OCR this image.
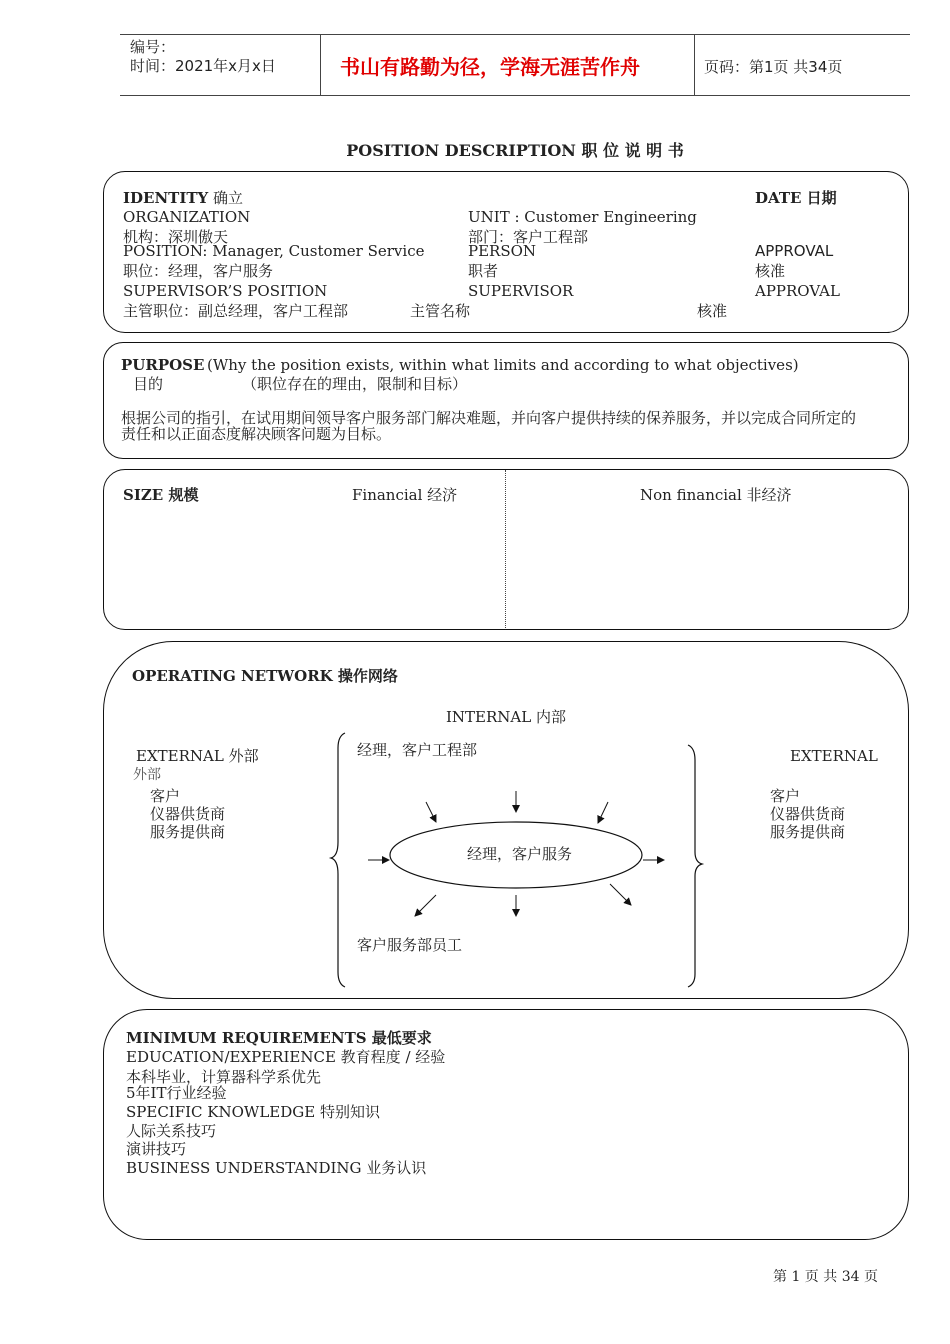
编号：
时间：2021年x月x日	书山有路勤为径，学海无涯苦作舟	页码：第1页 共34页
POSITION DESCRIPTION 职 位 说 明 书
IDENTITY 确立	DATE 日期
ORGANIZATION	UNIT : Customer Engineering
机构：深圳傲天	部门：客户工程部
POSITION: Manager, Customer Service	PERSON	APPROVAL
职位：经理，客户服务	职者	核准
SUPERVISOR’S POSITION	SUPERVISOR	APPROVAL
主管职位：副总经理，客户工程部	主管名称	核准
PURPOSE (Why the position exists, within what limits and according to what objectives)
目的	（职位存在的理由，限制和目标）
根据公司的指引，在试用期间领导客户服务部门解决难题，并向客户提供持续的保养服务，并以完成合同所定的
责任和以正面态度解决顾客问题为目标。
SIZE 规模	Financial 经济	Non financial 非经济
OPERATING NETWORK 操作网络
INTERNAL 内部
EXTERNAL 外部
外部
客户
仪器供货商
服务提供商
EXTERNAL
客户
仪器供货商
服务提供商
经理，客户工程部
客户服务部员工
经理，客户服务
MINIMUM REQUIREMENTS 最低要求
EDUCATION/EXPERIENCE 教育程度 / 经验
本科毕业，计算器科学系优先
5年IT行业经验
SPECIFIC KNOWLEDGE 特别知识
人际关系技巧
演讲技巧
BUSINESS UNDERSTANDING 业务认识
第 1 页 共 34 页
